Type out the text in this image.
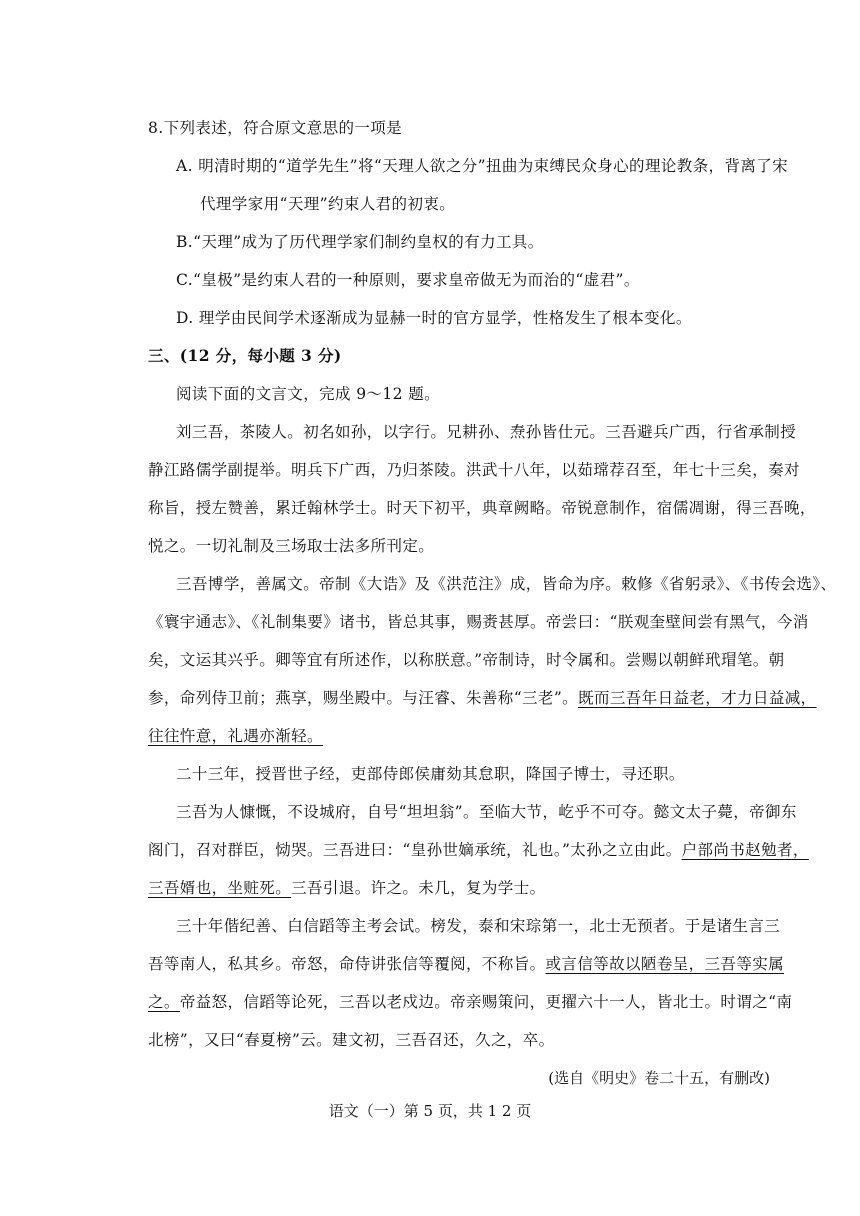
8.下列表述，符合原文意思的一项是
A. 明清时期的“道学先生”将“天理人欲之分”扭曲为束缚民众身心的理论教条，背离了宋
代理学家用“天理”约束人君的初衷。
B.“天理”成为了历代理学家们制约皇权的有力工具。
C.“皇极”是约束人君的一种原则，要求皇帝做无为而治的“虚君”。
D. 理学由民间学术逐渐成为显赫一时的官方显学，性格发生了根本变化。
三、(12 分，每小题 3 分)
阅读下面的文言文，完成 9～12 题。
刘三吾，茶陵人。初名如孙，以字行。兄耕孙、焘孙皆仕元。三吾避兵广西，行省承制授
静江路儒学副提举。明兵下广西，乃归茶陵。洪武十八年，以茹瑺荐召至，年七十三矣，奏对
称旨，授左赞善，累迁翰林学士。时天下初平，典章阙略。帝锐意制作，宿儒凋谢，得三吾晚，
悦之。一切礼制及三场取士法多所刊定。
三吾博学，善属文。帝制《大诰》及《洪范注》成，皆命为序。敕修《省躬录》、《书传会选》、
《寰宇通志》、《礼制集要》诸书，皆总其事，赐赉甚厚。帝尝曰：“朕观奎壁间尝有黑气，今消
矣，文运其兴乎。卿等宜有所述作，以称朕意。”帝制诗，时令属和。尝赐以朝鲜玳瑁笔。朝
参，命列侍卫前；燕享，赐坐殿中。与汪睿、朱善称“三老”。既而三吾年日益老，才力日益减，
往往忤意，礼遇亦渐轻。
二十三年，授晋世子经，吏部侍郎侯庸劾其怠职，降国子博士，寻还职。
三吾为人慷慨，不设城府，自号“坦坦翁”。至临大节，屹乎不可夺。懿文太子薨，帝御东
阁门，召对群臣，恸哭。三吾进曰：“皇孙世嫡承统，礼也。”太孙之立由此。户部尚书赵勉者，
三吾婿也，坐赃死。三吾引退。许之。未几，复为学士。
三十年偕纪善、白信蹈等主考会试。榜发，泰和宋琮第一，北士无预者。于是诸生言三
吾等南人，私其乡。帝怒，命侍讲张信等覆阅，不称旨。或言信等故以陋卷呈，三吾等实属
之。帝益怒，信蹈等论死，三吾以老戍边。帝亲赐策问，更擢六十一人，皆北士。时谓之“南
北榜”，又曰“春夏榜”云。建文初，三吾召还，久之，卒。
(选自《明史》卷二十五，有删改)
语文（一）第 5 页，共 1 2 页
